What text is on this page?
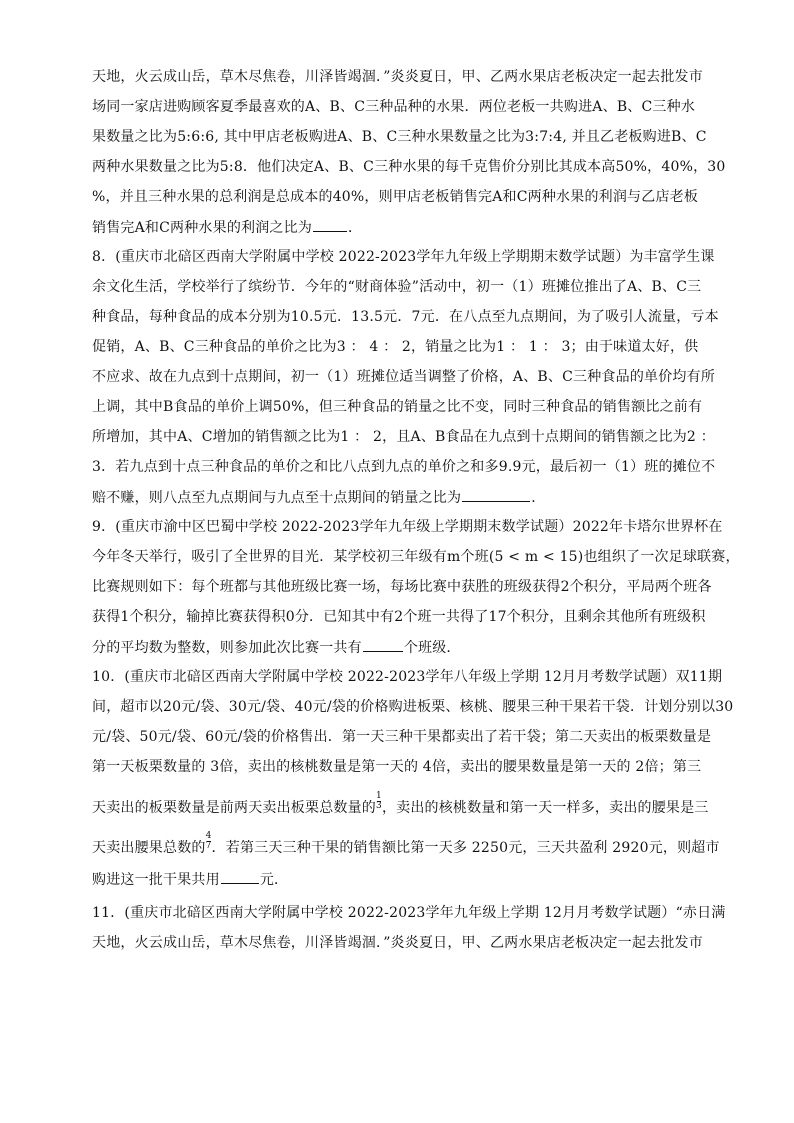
天地，火云成山岳，草木尽焦卷，川泽皆竭涸．”炎炎夏日，甲、乙两水果店老板决定一起去批发市
场同一家店进购顾客夏季最喜欢的A、B、C三种品种的水果．两位老板一共购进A、B、C三种水
果数量之比为5:6:6, 其中甲店老板购进A、B、C三种水果数量之比为3:7:4, 并且乙老板购进B、C
两种水果数量之比为5:8．他们决定A、B、C三种水果的每千克售价分别比其成本高50%，40%，30
%，并且三种水果的总利润是总成本的40%，则甲店老板销售完A和C两种水果的利润与乙店老板
销售完A和C两种水果的利润之比为	．
8．(重庆市北碚区西南大学附属中学校 2022-2023学年九年级上学期期末数学试题）为丰富学生课
余文化生活，学校举行了缤纷节．今年的“财商体验”活动中，初一（1）班摊位推出了A、B、C三
种食品，每种食品的成本分别为10.5元．13.5元．7元．在八点至九点期间，为了吸引人流量，亏本
促销，A、B、C三种食品的单价之比为3 ： 4 ： 2，销量之比为1 ： 1 ： 3；由于味道太好，供
不应求、故在九点到十点期间，初一（1）班摊位适当调整了价格，A、B、C三种食品的单价均有所
上调，其中B食品的单价上调50%，但三种食品的销量之比不变，同时三种食品的销售额比之前有
所增加，其中A、C增加的销售额之比为1 ： 2，且A、B食品在九点到十点期间的销售额之比为2 ：
3．若九点到十点三种食品的单价之和比八点到九点的单价之和多9.9元，最后初一（1）班的摊位不
赔不赚，则八点至九点期间与九点至十点期间的销量之比为	．
9．(重庆市渝中区巴蜀中学校 2022-2023学年九年级上学期期末数学试题）2022年卡塔尔世界杯在
今年冬天举行，吸引了全世界的目光．某学校初三年级有m个班(5 < m < 15)也组织了一次足球联赛，
比赛规则如下：每个班都与其他班级比赛一场，每场比赛中获胜的班级获得2个积分，平局两个班各
获得1个积分，输掉比赛获得积0分．已知其中有2个班一共得了17个积分，且剩余其他所有班级积
分的平均数为整数，则参加此次比赛一共有	个班级．
10．(重庆市北碚区西南大学附属中学校 2022-2023学年八年级上学期 12月月考数学试题）双11期
间，超市以20元/袋、30元/袋、40元/袋的价格购进板栗、核桃、腰果三种干果若干袋．计划分别以30
元/袋、50元/袋、60元/袋的价格售出．第一天三种干果都卖出了若干袋；第二天卖出的板栗数量是
第一天板栗数量的 3倍，卖出的核桃数量是第一天的 4倍，卖出的腰果数量是第一天的 2倍；第三
天卖出的板栗数量是前两天卖出板栗总数量的 $\frac{1}{3}$ ，卖出的核桃数量和第一天一样多，卖出的腰果是三
天卖出腰果总数的 $\frac{4}{7}$ ．若第三天三种干果的销售额比第一天多 2250元，三天共盈利 2920元，则超市
购进这一批干果共用	元．
11．(重庆市北碚区西南大学附属中学校 2022-2023学年九年级上学期 12月月考数学试题）“赤日满
天地，火云成山岳，草木尽焦卷，川泽皆竭涸．”炎炎夏日，甲、乙两水果店老板决定一起去批发市
